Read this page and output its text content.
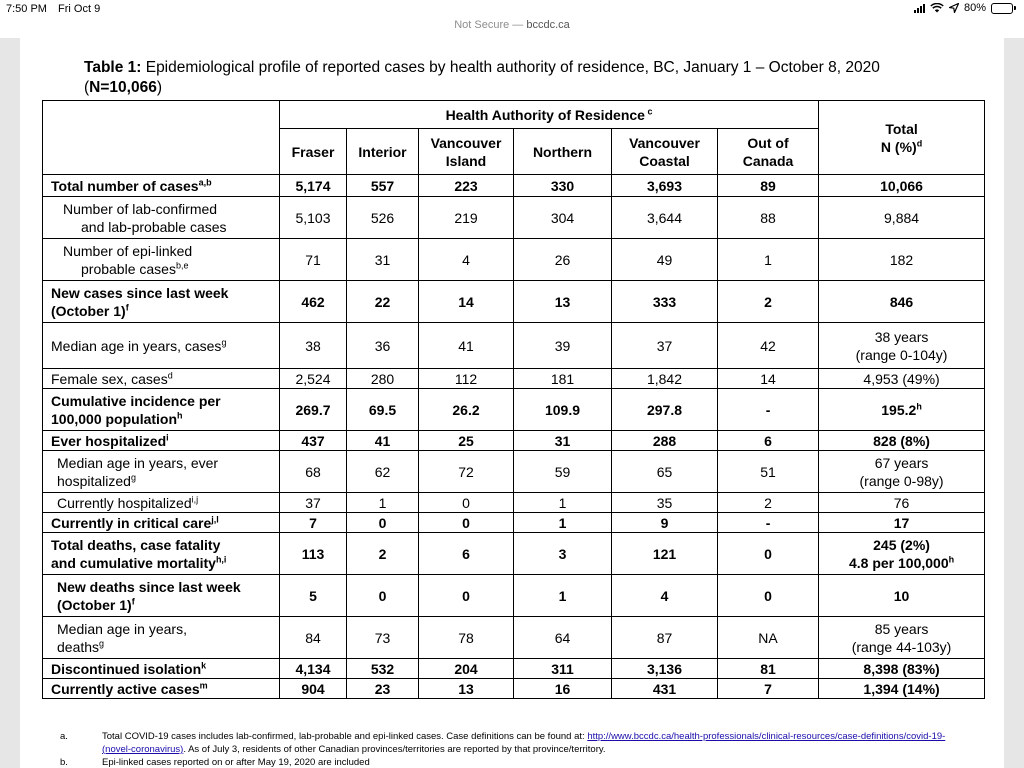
7:50 PM Fri Oct 9	80%
Not Secure — bccdc.ca
Table 1: Epidemiological profile of reported cases by health authority of residence, BC, January 1 – October 8, 2020
(N=10,066)
	Health Authority of Residence $^c$						Total
N (%)$^d$
	Fraser	Interior	Vancouver
Island	Northern	Vancouver
Coastal	Out of
Canada	
Total number of cases$^{a,b}$	5,174	557	223	330	3,693	89	10,066
Number of lab-confirmed
and lab-probable cases	5,103	526	219	304	3,644	88	9,884
Number of epi-linked
probable cases$^{b,e}$	71	31	4	26	49	1	182
New cases since last week
(October 1)$^f$	462	22	14	13	333	2	846
Median age in years, cases$^g$	38	36	41	39	37	42	38 years
(range 0-104y)
Female sex, cases$^d$	2,524	280	112	181	1,842	14	4,953 (49%)
Cumulative incidence per
100,000 population$^h$	269.7	69.5	26.2	109.9	297.8	-	195.2$^h$
Ever hospitalized$^i$	437	41	25	31	288	6	828 (8%)
Median age in years, ever
hospitalized$^g$	68	62	72	59	65	51	67 years
(range 0-98y)
Currently hospitalized$^{i,j}$	37	1	0	1	35	2	76
Currently in critical care$^{j,l}$	7	0	0	1	9	-	17
Total deaths, case fatality
and cumulative mortality$^{h,i}$	113	2	6	3	121	0	245 (2%)
4.8 per 100,000$^h$
New deaths since last week
(October 1)$^f$	5	0	0	1	4	0	10
Median age in years,
deaths$^g$	84	73	78	64	87	NA	85 years
(range 44-103y)
Discontinued isolation$^k$	4,134	532	204	311	3,136	81	8,398 (83%)
Currently active cases$^m$	904	23	13	16	431	7	1,394 (14%)
a.	Total COVID-19 cases includes lab-confirmed, lab-probable and epi-linked cases. Case definitions can be found at: http://www.bccdc.ca/health-professionals/clinical-resources/case-definitions/covid-19-(novel-coronavirus). As of July 3, residents of other Canadian provinces/territories are reported by that province/territory.
b.	Epi-linked cases reported on or after May 19, 2020 are included
